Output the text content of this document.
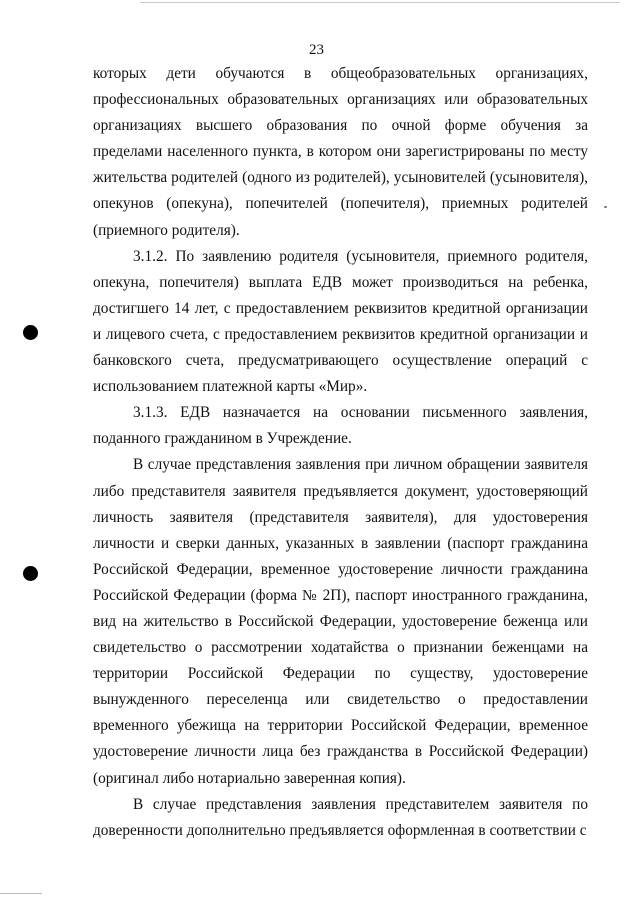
23

которых дети обучаются в общеобразовательных организациях, профессиональных образовательных организациях или образовательных организациях высшего образования по очной форме обучения за пределами населенного пункта, в котором они зарегистрированы по месту жительства родителей (одного из родителей), усыновителей (усыновителя), опекунов (опекуна), попечителей (попечителя), приемных родителей (приемного родителя).

3.1.2. По заявлению родителя (усыновителя, приемного родителя, опекуна, попечителя) выплата ЕДВ может производиться на ребенка, достигшего 14 лет, с предоставлением реквизитов кредитной организации и лицевого счета, с предоставлением реквизитов кредитной организации и банковского счета, предусматривающего осуществление операций с использованием платежной карты «Мир».

3.1.3. ЕДВ назначается на основании письменного заявления, поданного гражданином в Учреждение.

В случае представления заявления при личном обращении заявителя либо представителя заявителя предъявляется документ, удостоверяющий личность заявителя (представителя заявителя), для удостоверения личности и сверки данных, указанных в заявлении (паспорт гражданина Российской Федерации, временное удостоверение личности гражданина Российской Федерации (форма № 2П), паспорт иностранного гражданина, вид на жительство в Российской Федерации, удостоверение беженца или свидетельство о рассмотрении ходатайства о признании беженцами на территории Российской Федерации по существу, удостоверение вынужденного переселенца или свидетельство о предоставлении временного убежища на территории Российской Федерации, временное удостоверение личности лица без гражданства в Российской Федерации) (оригинал либо нотариально заверенная копия).

В случае представления заявления представителем заявителя по доверенности дополнительно предъявляется оформленная в соответствии с
